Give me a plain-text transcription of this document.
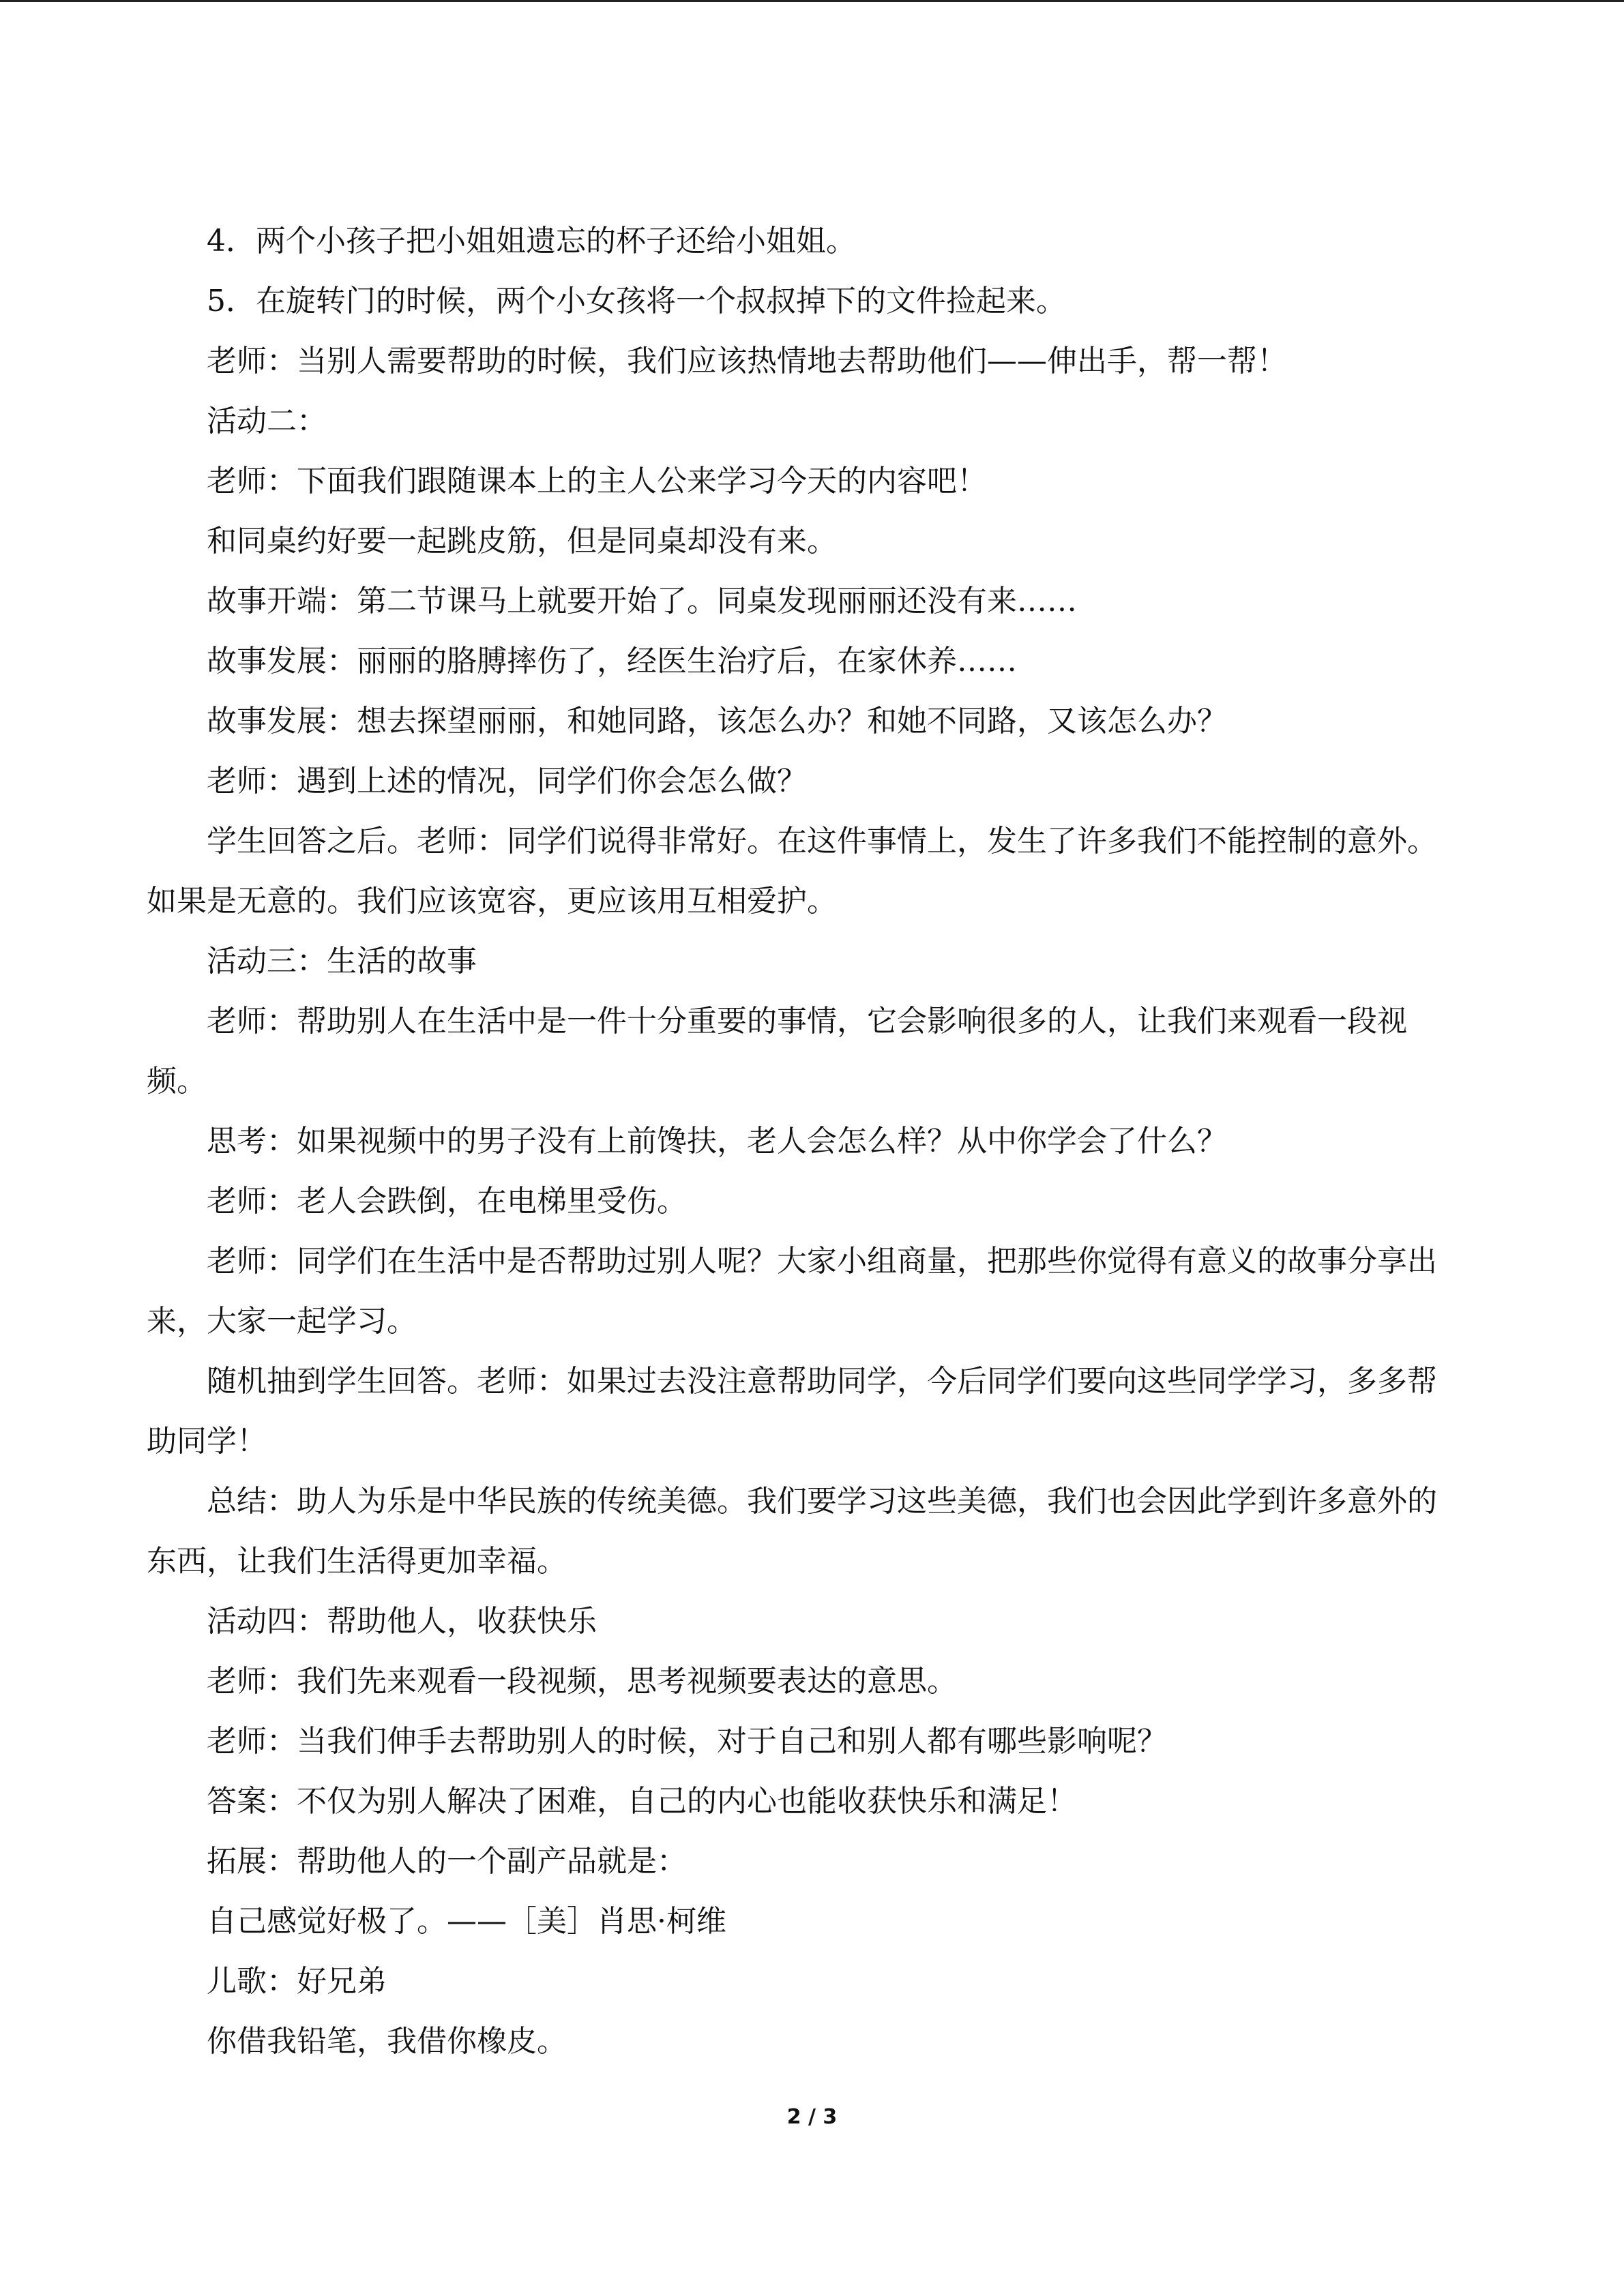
4．两个小孩子把小姐姐遗忘的杯子还给小姐姐。

5．在旋转门的时候，两个小女孩将一个叔叔掉下的文件捡起来。

老师：当别人需要帮助的时候，我们应该热情地去帮助他们——伸出手，帮一帮！

活动二：

老师：下面我们跟随课本上的主人公来学习今天的内容吧！

和同桌约好要一起跳皮筋，但是同桌却没有来。

故事开端：第二节课马上就要开始了。同桌发现丽丽还没有来……

故事发展：丽丽的胳膊摔伤了，经医生治疗后，在家休养……

故事发展：想去探望丽丽，和她同路，该怎么办？和她不同路，又该怎么办？

老师：遇到上述的情况，同学们你会怎么做？

学生回答之后。老师：同学们说得非常好。在这件事情上，发生了许多我们不能控制的意外。如果是无意的。我们应该宽容，更应该用互相爱护。

活动三：生活的故事

老师：帮助别人在生活中是一件十分重要的事情，它会影响很多的人，让我们来观看一段视频。

思考：如果视频中的男子没有上前馋扶，老人会怎么样？从中你学会了什么？

老师：老人会跌倒，在电梯里受伤。

老师：同学们在生活中是否帮助过别人呢？大家小组商量，把那些你觉得有意义的故事分享出来，大家一起学习。

随机抽到学生回答。老师：如果过去没注意帮助同学，今后同学们要向这些同学学习，多多帮助同学！

总结：助人为乐是中华民族的传统美德。我们要学习这些美德，我们也会因此学到许多意外的东西，让我们生活得更加幸福。

活动四：帮助他人，收获快乐

老师：我们先来观看一段视频，思考视频要表达的意思。

老师：当我们伸手去帮助别人的时候，对于自己和别人都有哪些影响呢？

答案：不仅为别人解决了困难，自己的内心也能收获快乐和满足！

拓展：帮助他人的一个副产品就是：

自己感觉好极了。——［美］肖思·柯维

儿歌：好兄弟

你借我铅笔，我借你橡皮。

2 / 3
